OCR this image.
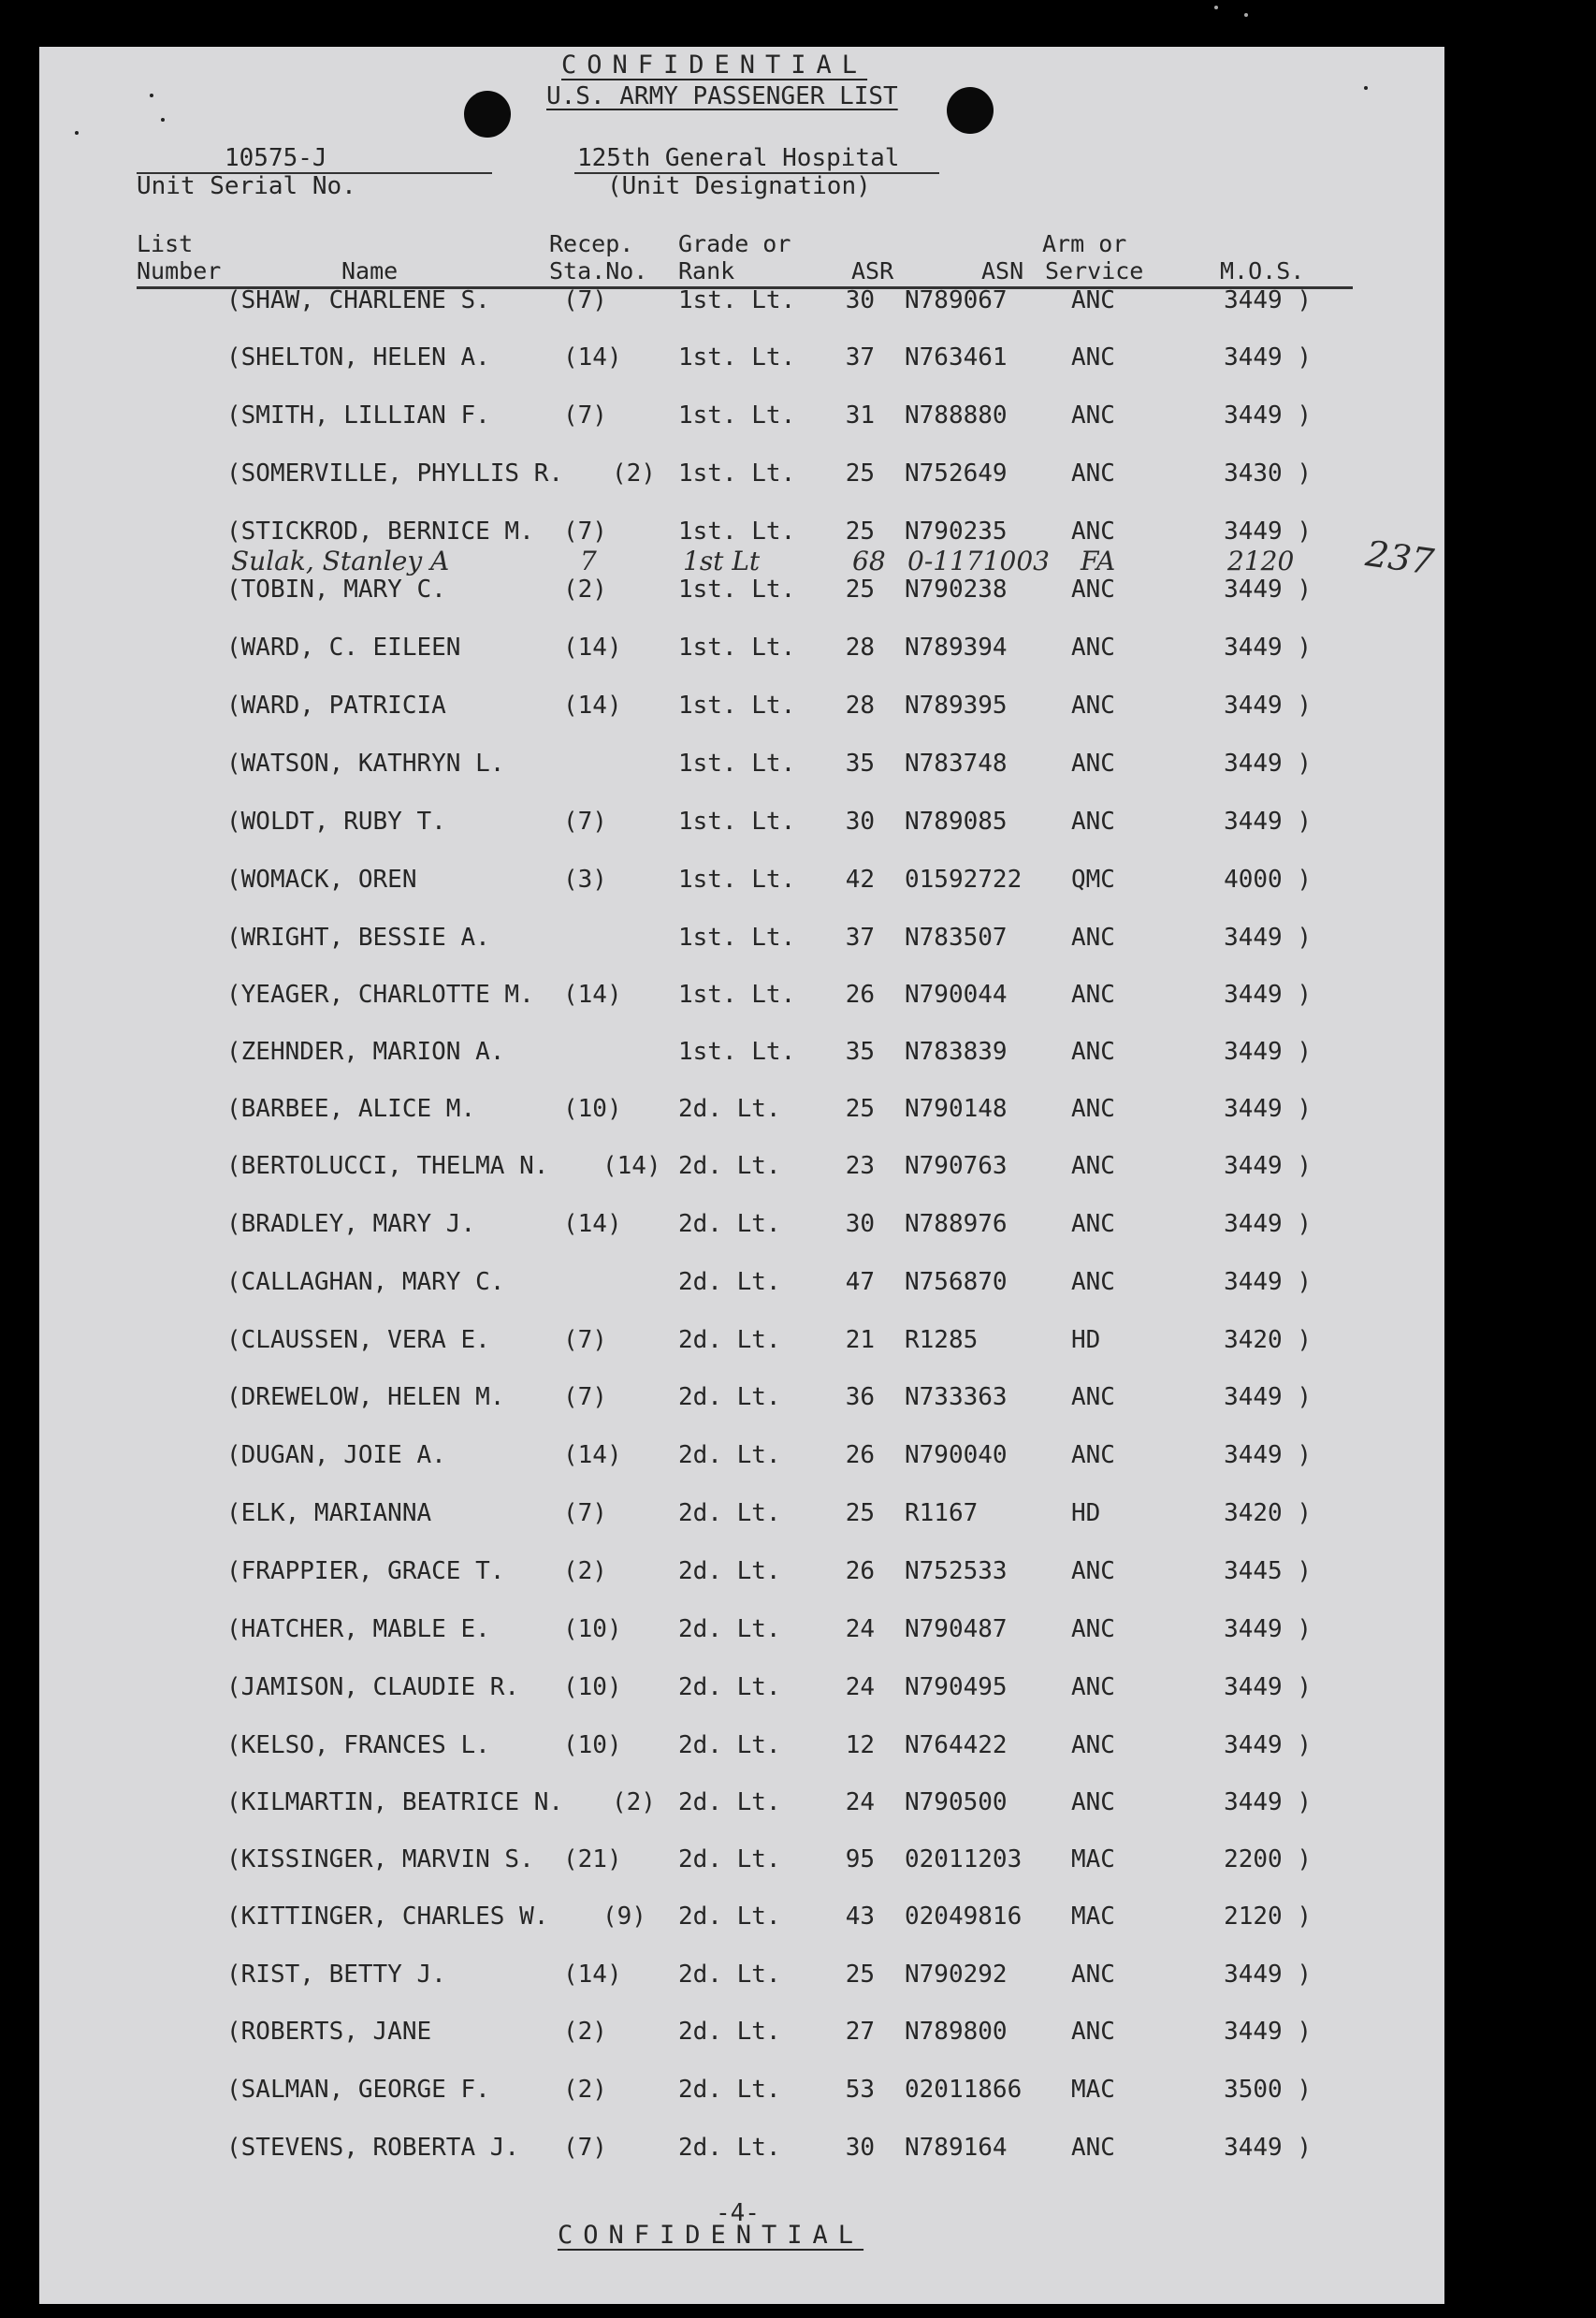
CONFIDENTIAL
U.S. ARMY PASSENGER LIST
10575-J
Unit Serial No.
125th General Hospital
(Unit Designation)
List
Number	Name
Recep.
Sta.No.
Grade or
Rank	ASR	ASN
Arm or
Service	M.O.S.
(SHAW, CHARLENE S.	(7)	1st. Lt.	30 N789067	ANC	3449 )
(SHELTON, HELEN A.	(14) 1st. Lt.	37 N763461	ANC	3449 )
(SMITH, LILLIAN F.	(7)	1st. Lt.	31 N788880	ANC	3449 )
(SOMERVILLE, PHYLLIS R. (2) 1st. Lt.	25 N752649	ANC	3430 )
(STICKROD, BERNICE M. (7)	1st. Lt.	25 N790235	ANC	3449 )
Sulak, Stanley A	7	1st Lt	68 0-1171003 FA	2120
(TOBIN, MARY C.	(2)	1st. Lt.	25 N790238	ANC	3449 )
(WARD, C. EILEEN	(14) 1st. Lt.	28 N789394	ANC	3449 )
(WARD, PATRICIA	(14) 1st. Lt.	28 N789395	ANC	3449 )
(WATSON, KATHRYN L.	1st. Lt.	35 N783748	ANC	3449 )
(WOLDT, RUBY T.	(7)	1st. Lt.	30 N789085	ANC	3449 )
(WOMACK, OREN	(3)	1st. Lt.	42 01592722 QMC	4000 )
(WRIGHT, BESSIE A.	1st. Lt.	37 N783507	ANC	3449 )
(YEAGER, CHARLOTTE M. (14) 1st. Lt.	26 N790044	ANC	3449 )
(ZEHNDER, MARION A.	1st. Lt.	35 N783839	ANC	3449 )
(BARBEE, ALICE M.	(10) 2d. Lt.	25 N790148	ANC	3449 )
(BERTOLUCCI, THELMA N. (14) 2d. Lt.	23 N790763	ANC	3449 )
(BRADLEY, MARY J.	(14) 2d. Lt.	30 N788976	ANC	3449 )
(CALLAGHAN, MARY C.	2d. Lt.	47 N756870	ANC	3449 )
(CLAUSSEN, VERA E.	(7)	2d. Lt.	21 R1285	HD	3420 )
(DREWELOW, HELEN M. (7)	2d. Lt.	36 N733363	ANC	3449 )
(DUGAN, JOIE A.	(14) 2d. Lt.	26 N790040	ANC	3449 )
(ELK, MARIANNA	(7)	2d. Lt.	25 R1167	HD	3420 )
(FRAPPIER, GRACE T. (2)	2d. Lt.	26 N752533	ANC	3445 )
(HATCHER, MABLE E.	(10) 2d. Lt.	24 N790487	ANC	3449 )
(JAMISON, CLAUDIE R. (10) 2d. Lt.	24 N790495	ANC	3449 )
(KELSO, FRANCES L.	(10) 2d. Lt.	12 N764422	ANC	3449 )
(KILMARTIN, BEATRICE N. (2) 2d. Lt.	24 N790500	ANC	3449 )
(KISSINGER, MARVIN S. (21) 2d. Lt.	95 02011203 MAC	2200 )
(KITTINGER, CHARLES W. (9) 2d. Lt.	43 02049816 MAC	2120 )
(RIST, BETTY J.	(14) 2d. Lt.	25 N790292	ANC	3449 )
(ROBERTS, JANE	(2)	2d. Lt.	27 N789800	ANC	3449 )
(SALMAN, GEORGE F.	(2)	2d. Lt.	53 02011866 MAC	3500 )
(STEVENS, ROBERTA J. (7)	2d. Lt.	30 N789164	ANC	3449 )
237
-4-
CONFIDENTIAL
